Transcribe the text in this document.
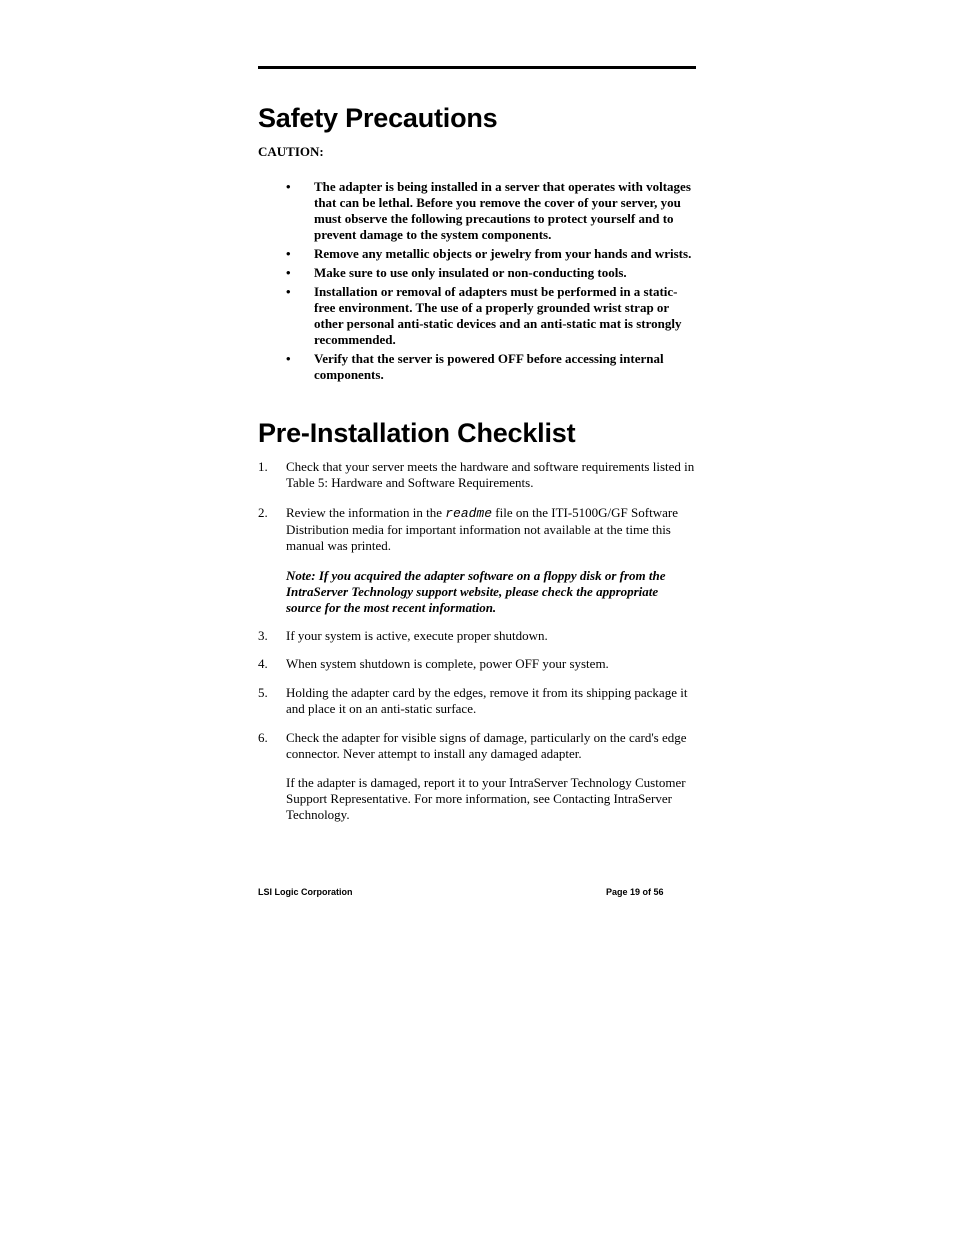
Safety Precautions
CAUTION:
•	The adapter is being installed in a server that operates with voltages that can be lethal. Before you remove the cover of your server, you must observe the following precautions to protect yourself and to prevent damage to the system components.
•	Remove any metallic objects or jewelry from your hands and wrists.
•	Make sure to use only insulated or non-conducting tools.
•	Installation or removal of adapters must be performed in a static-free environment. The use of a properly grounded wrist strap or other personal anti-static devices and an anti-static mat is strongly recommended.
•	Verify that the server is powered OFF before accessing internal components.
Pre-Installation Checklist
1. Check that your server meets the hardware and software requirements listed in Table 5: Hardware and Software Requirements.

2. Review the information in the readme file on the ITI-5100G/GF Software Distribution media for important information not available at the time this manual was printed.

Note: If you acquired the adapter software on a floppy disk or from the IntraServer Technology support website, please check the appropriate source for the most recent information.

3. If your system is active, execute proper shutdown.

4. When system shutdown is complete, power OFF your system.

5. Holding the adapter card by the edges, remove it from its shipping package it and place it on an anti-static surface.

6. Check the adapter for visible signs of damage, particularly on the card's edge connector. Never attempt to install any damaged adapter.

If the adapter is damaged, report it to your IntraServer Technology Customer Support Representative. For more information, see Contacting IntraServer Technology.

LSI Logic Corporation	Page 19 of 56
